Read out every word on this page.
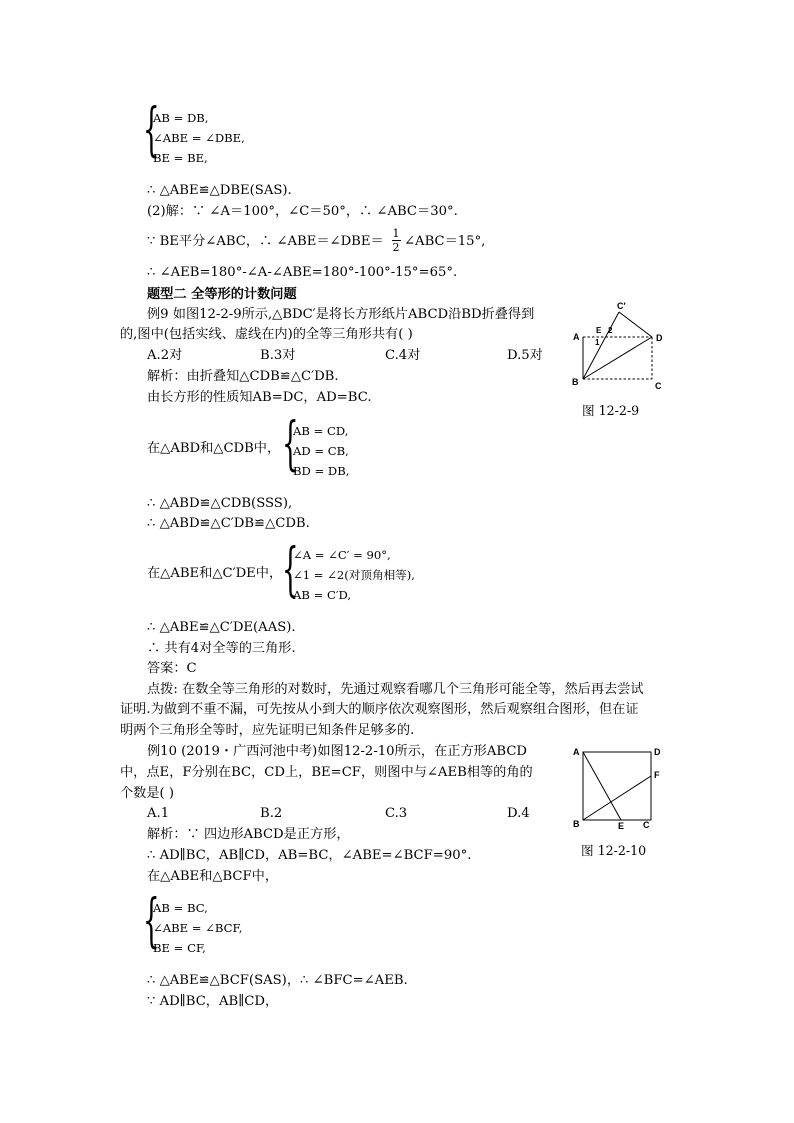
{
AB = DB,
∠ABE = ∠DBE,
BE = BE,
∴ △ABE≌△DBE(SAS).
(2)解：∵ ∠A＝100°，∠C＝50°，∴ ∠ABC＝30°.
∵ BE平分∠ABC，∴ ∠ABE＝∠DBE＝
1
2 ∠ABC＝15°,
∴ ∠AEB=180°-∠A-∠ABE=180°-100°-15°=65°.
题型二 全等形的计数问题
例9 如图12-2-9所示,△BDC′是将长方形纸片ABCD沿BD折叠得到
的,图中(包括实线、虚线在内)的全等三角形共有( )
A.2对	B.3对	C.4对	D.5对
解析：由折叠知△CDB≌△C′DB.
由长方形的性质知AB=DC，AD=BC.
在△ABD和△CDB中， {
AB = CD,
AD = CB,
BD = DB,
∴ △ABD≌△CDB(SSS),
∴ △ABD≌△C′DB≌△CDB.
在△ABE和△C′DE中， {
∠A = ∠C′ = 90°,
∠1 = ∠2(对顶角相等),
AB = C′D,
∴ △ABE≌△C′DE(AAS).
∴ 共有4对全等的三角形.
答案：C
点拨: 在数全等三角形的对数时，先通过观察看哪几个三角形可能全等，然后再去尝试
证明.为做到不重不漏，可先按从小到大的顺序依次观察图形，然后观察组合图形，但在证
明两个三角形全等时，应先证明已知条件足够多的.
A
B	C
D
C′
E 2
1
图 12-2-9
例10 (2019・广西河池中考)如图12-2-10所示，在正方形ABCD
中，点E，F分别在BC，CD上，BE=CF，则图中与∠AEB相等的角的
个数是( )
A.1	B.2	C.3	D.4
解析：∵ 四边形ABCD是正方形，
∴ AD∥BC，AB∥CD，AB=BC，∠ABE=∠BCF=90°.
在△ABE和△BCF中，
{
AB = BC,
∠ABE = ∠BCF,
BE = CF,
∴ △ABE≌△BCF(SAS)，∴ ∠BFC=∠AEB.
∵ AD∥BC，AB∥CD，
A	D
F
B	E C
图 12-2-10
